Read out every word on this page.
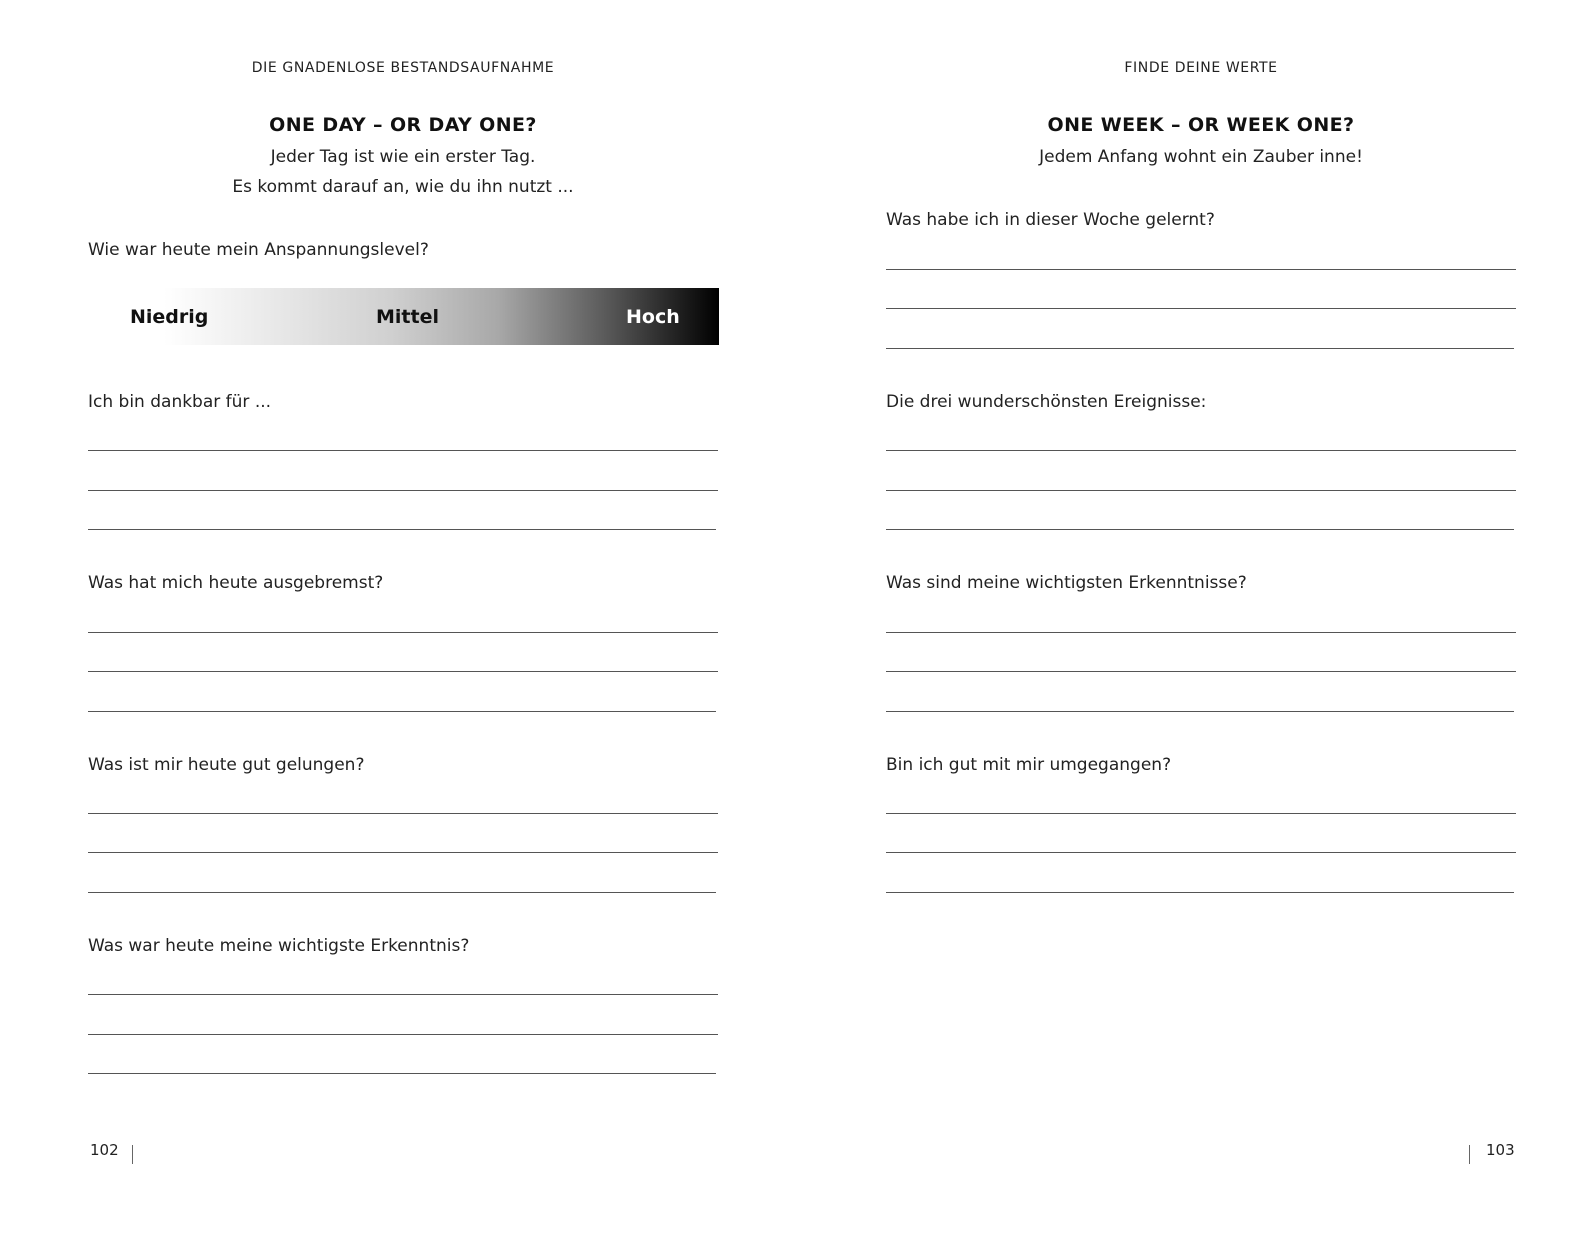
DIE GNADENLOSE BESTANDSAUFNAHME

ONE DAY – OR DAY ONE?

Jeder Tag ist wie ein erster Tag.

Es kommt darauf an, wie du ihn nutzt ...

Wie war heute mein Anspannungslevel?
Niedrig	Mittel	Hoch
Ich bin dankbar für ...
Was hat mich heute ausgebremst?
Was ist mir heute gut gelungen?
Was war heute meine wichtigste Erkenntnis?
102
FINDE DEINE WERTE

ONE WEEK – OR WEEK ONE?

Jedem Anfang wohnt ein Zauber inne!

Was habe ich in dieser Woche gelernt?
Die drei wunderschönsten Ereignisse:
Was sind meine wichtigsten Erkenntnisse?
Bin ich gut mit mir umgegangen?
103
